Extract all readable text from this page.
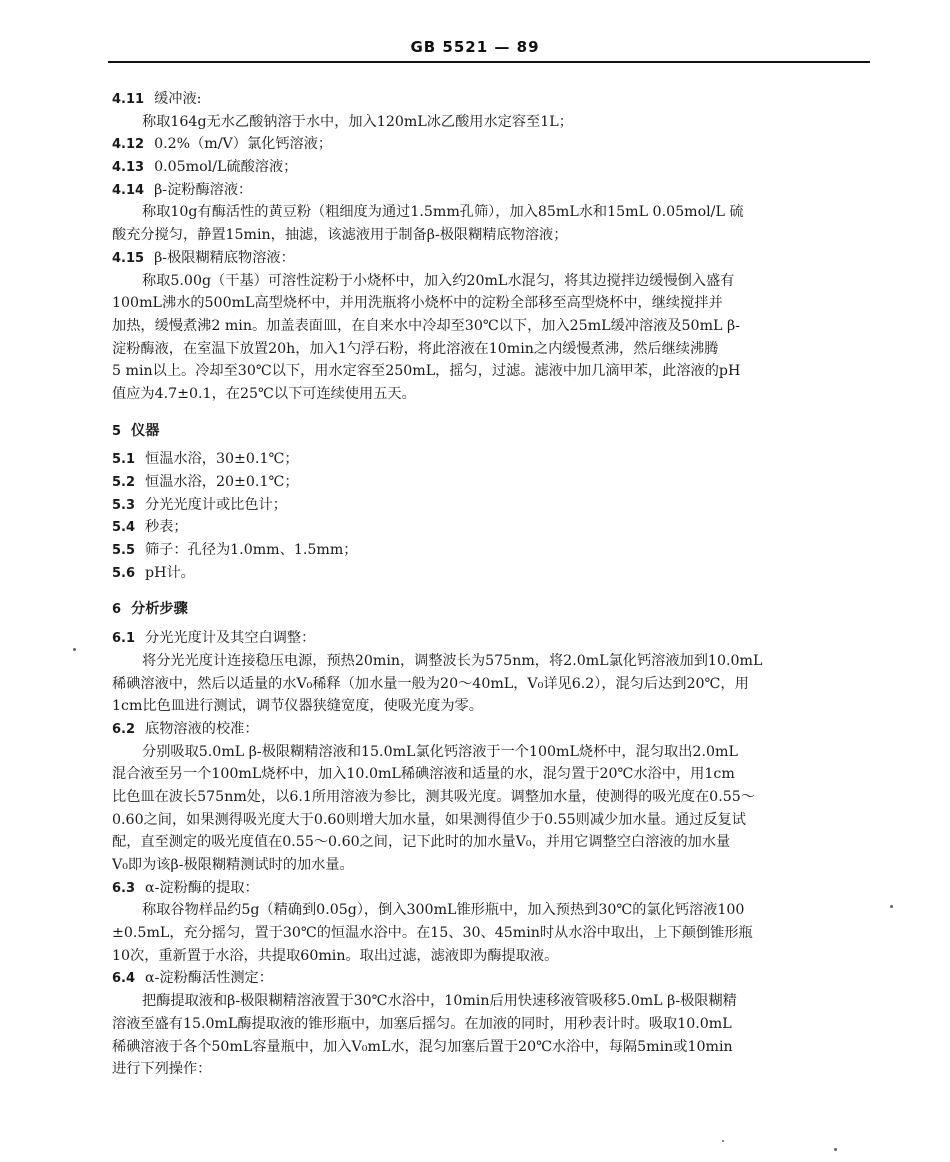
GB 5521 — 89
4.11 缓冲液:
称取164g无水乙酸钠溶于水中，加入120mL冰乙酸用水定容至1L；
4.12 0.2%（m/V）氯化钙溶液；
4.13 0.05mol/L硫酸溶液；
4.14 β-淀粉酶溶液：
称取10g有酶活性的黄豆粉（粗细度为通过1.5mm孔筛），加入85mL水和15mL 0.05mol/L 硫
酸充分搅匀，静置15min，抽滤，该滤液用于制备β-极限糊精底物溶液；
4.15 β-极限糊精底物溶液：
称取5.00g（干基）可溶性淀粉于小烧杯中，加入约20mL水混匀，将其边搅拌边缓慢倒入盛有
100mL沸水的500mL高型烧杯中，并用洗瓶将小烧杯中的淀粉全部移至高型烧杯中，继续搅拌并
加热，缓慢煮沸2 min。加盖表面皿，在自来水中冷却至30℃以下，加入25mL缓冲溶液及50mL β-
淀粉酶液，在室温下放置20h，加入1勺浮石粉，将此溶液在10min之内缓慢煮沸，然后继续沸腾
5 min以上。冷却至30℃以下，用水定容至250mL，摇匀，过滤。滤液中加几滴甲苯，此溶液的pH
值应为4.7±0.1，在25℃以下可连续使用五天。
5 仪器
5.1 恒温水浴，30±0.1℃；
5.2 恒温水浴，20±0.1℃；
5.3 分光光度计或比色计；
5.4 秒表；
5.5 筛子：孔径为1.0mm、1.5mm；
5.6 pH计。
6 分析步骤
6.1 分光光度计及其空白调整：
将分光光度计连接稳压电源，预热20min，调整波长为575nm，将2.0mL氯化钙溶液加到10.0mL
稀碘溶液中，然后以适量的水V₀稀释（加水量一般为20～40mL，V₀详见6.2），混匀后达到20℃，用
1cm比色皿进行测试，调节仪器狭缝宽度，使吸光度为零。
6.2 底物溶液的校准：
分别吸取5.0mL β-极限糊精溶液和15.0mL氯化钙溶液于一个100mL烧杯中，混匀取出2.0mL
混合液至另一个100mL烧杯中，加入10.0mL稀碘溶液和适量的水，混匀置于20℃水浴中，用1cm
比色皿在波长575nm处，以6.1所用溶液为参比，测其吸光度。调整加水量，使测得的吸光度在0.55～
0.60之间，如果测得吸光度大于0.60则增大加水量，如果测得值少于0.55则减少加水量。通过反复试
配，直至测定的吸光度值在0.55～0.60之间，记下此时的加水量V₀，并用它调整空白溶液的加水量
V₀即为该β-极限糊精测试时的加水量。
6.3 α-淀粉酶的提取：
称取谷物样品约5g（精确到0.05g），倒入300mL锥形瓶中，加入预热到30℃的氯化钙溶液100
±0.5mL，充分摇匀，置于30℃的恒温水浴中。在15、30、45min时从水浴中取出，上下颠倒锥形瓶
10次，重新置于水浴，共提取60min。取出过滤，滤液即为酶提取液。
6.4 α-淀粉酶活性测定：
把酶提取液和β-极限糊精溶液置于30℃水浴中，10min后用快速移液管吸移5.0mL β-极限糊精
溶液至盛有15.0mL酶提取液的锥形瓶中，加塞后摇匀。在加液的同时，用秒表计时。吸取10.0mL
稀碘溶液于各个50mL容量瓶中，加入V₀mL水，混匀加塞后置于20℃水浴中，每隔5min或10min
进行下列操作：
